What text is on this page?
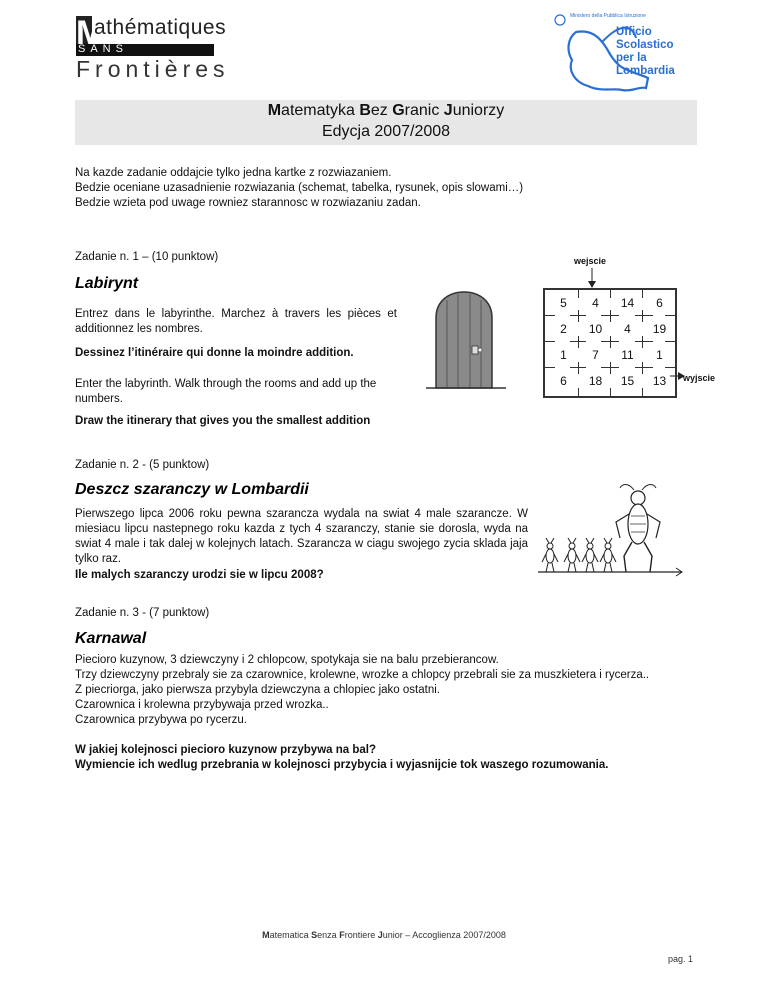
M
athématiques
SANS
Frontières
Ministero della Pubblica Istruzione
Ufficio
Scolastico
per la
Lombardia
Matematyka Bez Granic Juniorzy
Edycja 2007/2008
Na kazde zadanie oddajcie tylko jedna kartke z rozwiazaniem.
Bedzie oceniane uzasadnienie rozwiazania (schemat, tabelka, rysunek, opis slowami…)
Bedzie wzieta pod uwage rowniez starannosc w rozwiazaniu zadan.
Zadanie n. 1 – (10 punktow)
Labirynt
Entrez dans le labyrinthe. Marchez à travers les pièces et additionnez les nombres.
Dessinez l’itinéraire qui donne la moindre addition.
Enter the labyrinth. Walk through the rooms and add up the numbers.
Draw the itinerary that gives you the smallest addition
wejscie
5	4	14	6
2	10	4	19
1	7	11	1
6	18	15	13	wyjscie
Zadanie n. 2 - (5 punktow)
Deszcz szaranczy w Lombardii
Pierwszego lipca 2006 roku pewna szarancza wydala na swiat 4 male szarancze. W miesiacu lipcu nastepnego roku kazda z tych 4 szaranczy, stanie sie dorosla, wyda na swiat 4 male i tak dalej w kolejnych latach. Szarancza w ciagu swojego zycia sklada jaja tylko raz.
Ile malych szaranczy urodzi sie w lipcu 2008?
Zadanie n. 3 - (7 punktow)
Karnawal
Piecioro kuzynow, 3 dziewczyny i 2 chlopcow, spotykaja sie na balu przebierancow.
Trzy dziewczyny przebraly sie za czarownice, krolewne, wrozke a chlopcy przebrali sie za muszkietera i rycerza..
Z piecriorga, jako pierwsza przybyla dziewczyna a chlopiec jako ostatni.
Czarownica i krolewna przybywaja przed wrozka..
Czarownica przybywa po rycerzu.
W jakiej kolejnosci piecioro kuzynow przybywa na bal?
Wymiencie ich wedlug przebrania w kolejnosci przybycia i wyjasnijcie tok waszego rozumowania.
Matematica Senza Frontiere Junior – Accoglienza 2007/2008
pag. 1
